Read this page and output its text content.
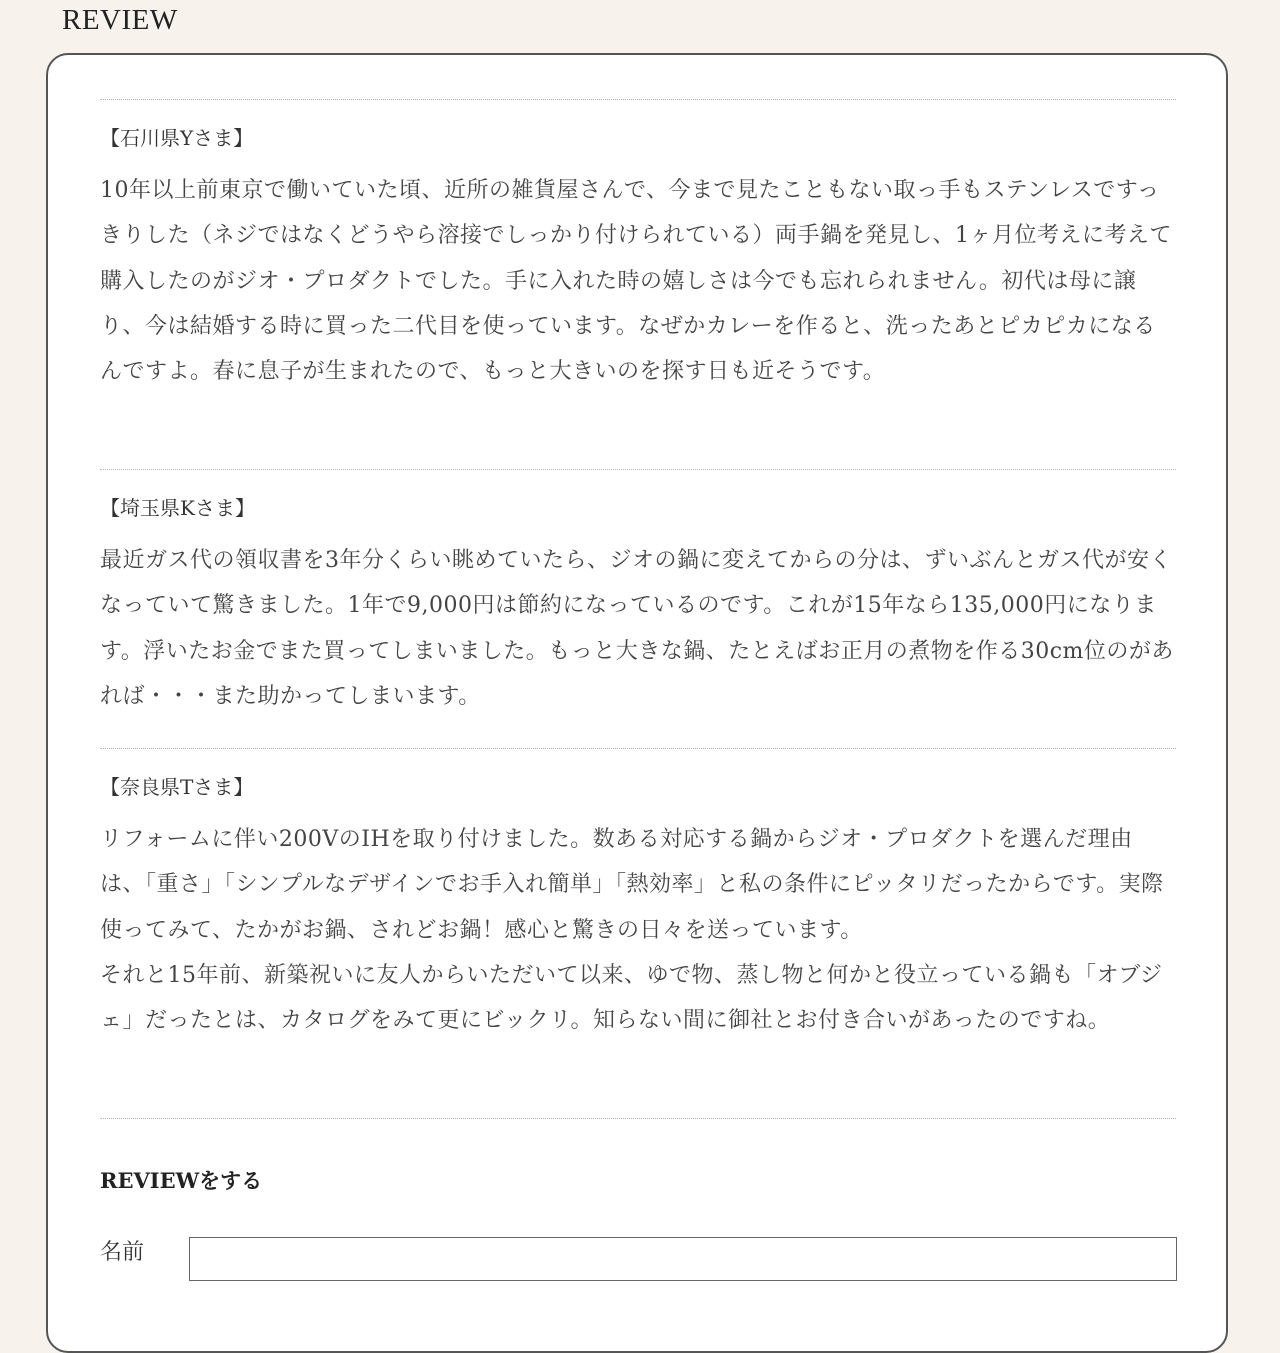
REVIEW

【石川県Yさま】

10年以上前東京で働いていた頃、近所の雑貨屋さんで、今まで見たこともない取っ手もステンレスですっきりした（ネジではなくどうやら溶接でしっかり付けられている）両手鍋を発見し、1ヶ月位考えに考えて購入したのがジオ・プロダクトでした。手に入れた時の嬉しさは今でも忘れられません。初代は母に譲り、今は結婚する時に買った二代目を使っています。なぜかカレーを作ると、洗ったあとピカピカになるんですよ。春に息子が生まれたので、もっと大きいのを探す日も近そうです。

【埼玉県Kさま】

最近ガス代の領収書を3年分くらい眺めていたら、ジオの鍋に変えてからの分は、ずいぶんとガス代が安くなっていて驚きました。1年で9,000円は節約になっているのです。これが15年なら135,000円になります。浮いたお金でまた買ってしまいました。もっと大きな鍋、たとえばお正月の煮物を作る30cm位のがあれば・・・また助かってしまいます。

【奈良県Tさま】

リフォームに伴い200VのIHを取り付けました。数ある対応する鍋からジオ・プロダクトを選んだ理由は、「重さ」「シンプルなデザインでお手入れ簡単」「熱効率」と私の条件にピッタリだったからです。実際使ってみて、たかがお鍋、されどお鍋！感心と驚きの日々を送っています。
それと15年前、新築祝いに友人からいただいて以来、ゆで物、蒸し物と何かと役立っている鍋も「オブジェ」だったとは、カタログをみて更にビックリ。知らない間に御社とお付き合いがあったのですね。

REVIEWをする
名前
